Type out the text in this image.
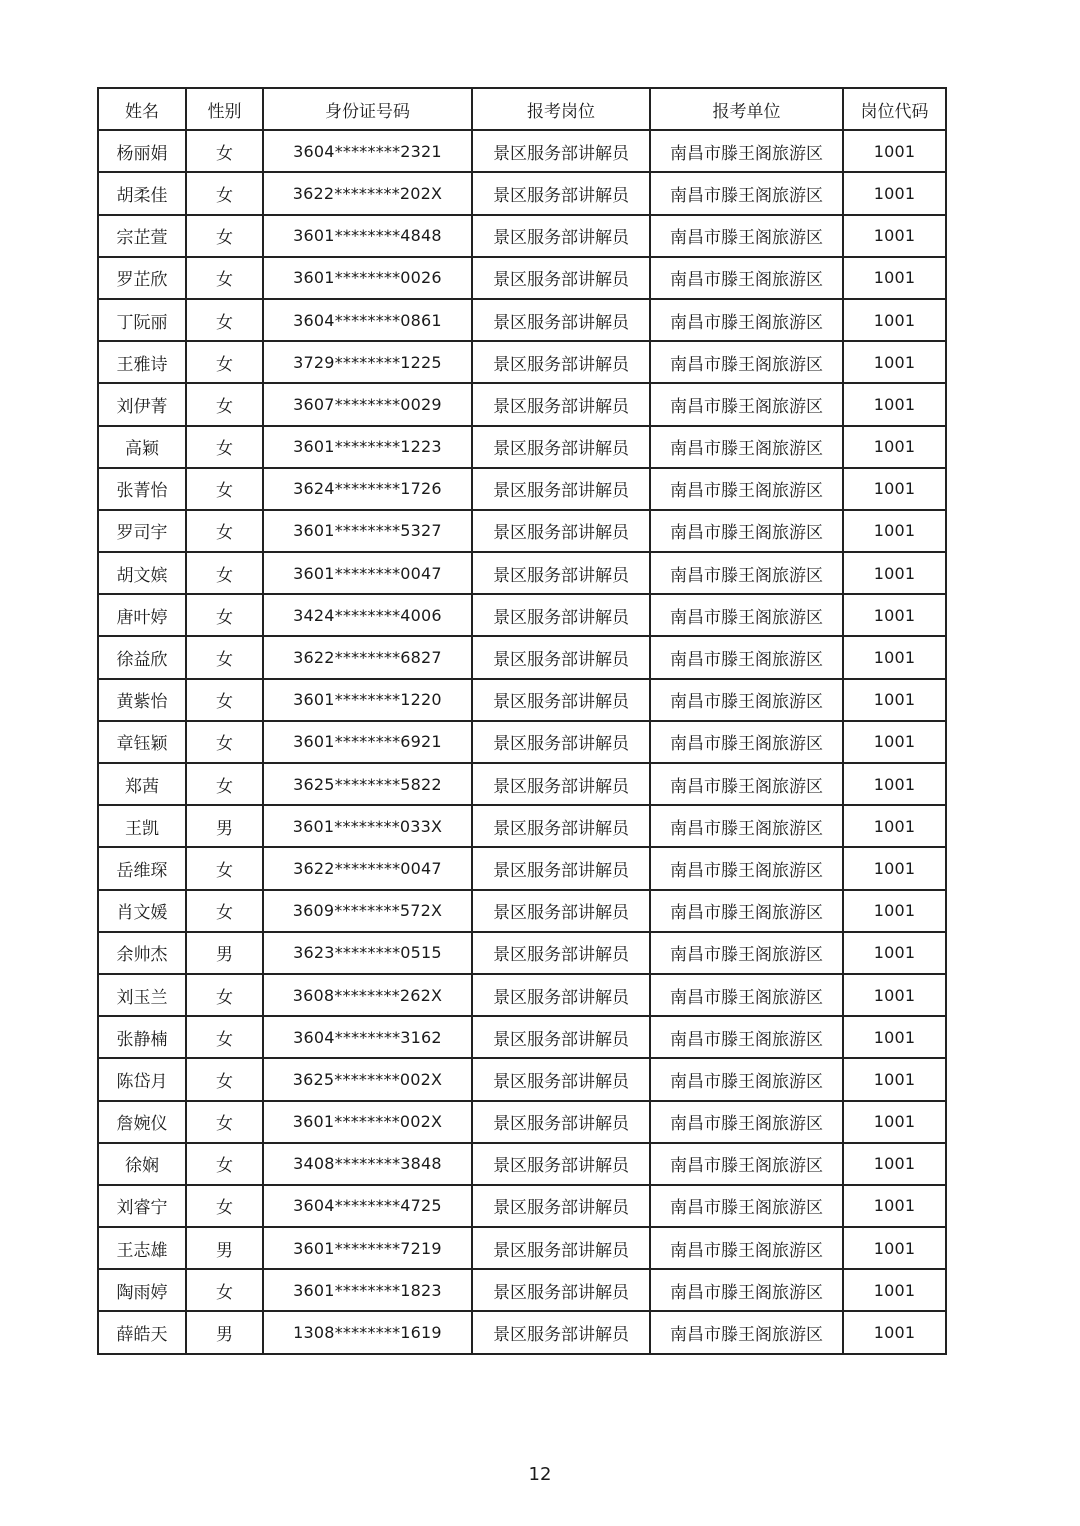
姓名	性别	身份证号码	报考岗位	报考单位	岗位代码
杨丽娟	女	3604********2321	景区服务部讲解员	南昌市滕王阁旅游区	1001
胡柔佳	女	3622********202X	景区服务部讲解员	南昌市滕王阁旅游区	1001
宗芷萱	女	3601********4848	景区服务部讲解员	南昌市滕王阁旅游区	1001
罗芷欣	女	3601********0026	景区服务部讲解员	南昌市滕王阁旅游区	1001
丁阮丽	女	3604********0861	景区服务部讲解员	南昌市滕王阁旅游区	1001
王雅诗	女	3729********1225	景区服务部讲解员	南昌市滕王阁旅游区	1001
刘伊菁	女	3607********0029	景区服务部讲解员	南昌市滕王阁旅游区	1001
高颖	女	3601********1223	景区服务部讲解员	南昌市滕王阁旅游区	1001
张菁怡	女	3624********1726	景区服务部讲解员	南昌市滕王阁旅游区	1001
罗司宇	女	3601********5327	景区服务部讲解员	南昌市滕王阁旅游区	1001
胡文嫔	女	3601********0047	景区服务部讲解员	南昌市滕王阁旅游区	1001
唐叶婷	女	3424********4006	景区服务部讲解员	南昌市滕王阁旅游区	1001
徐益欣	女	3622********6827	景区服务部讲解员	南昌市滕王阁旅游区	1001
黄紫怡	女	3601********1220	景区服务部讲解员	南昌市滕王阁旅游区	1001
章钰颖	女	3601********6921	景区服务部讲解员	南昌市滕王阁旅游区	1001
郑茜	女	3625********5822	景区服务部讲解员	南昌市滕王阁旅游区	1001
王凯	男	3601********033X	景区服务部讲解员	南昌市滕王阁旅游区	1001
岳维琛	女	3622********0047	景区服务部讲解员	南昌市滕王阁旅游区	1001
肖文媛	女	3609********572X	景区服务部讲解员	南昌市滕王阁旅游区	1001
余帅杰	男	3623********0515	景区服务部讲解员	南昌市滕王阁旅游区	1001
刘玉兰	女	3608********262X	景区服务部讲解员	南昌市滕王阁旅游区	1001
张静楠	女	3604********3162	景区服务部讲解员	南昌市滕王阁旅游区	1001
陈岱月	女	3625********002X	景区服务部讲解员	南昌市滕王阁旅游区	1001
詹婉仪	女	3601********002X	景区服务部讲解员	南昌市滕王阁旅游区	1001
徐娴	女	3408********3848	景区服务部讲解员	南昌市滕王阁旅游区	1001
刘睿宁	女	3604********4725	景区服务部讲解员	南昌市滕王阁旅游区	1001
王志雄	男	3601********7219	景区服务部讲解员	南昌市滕王阁旅游区	1001
陶雨婷	女	3601********1823	景区服务部讲解员	南昌市滕王阁旅游区	1001
薛皓天	男	1308********1619	景区服务部讲解员	南昌市滕王阁旅游区	1001
12
